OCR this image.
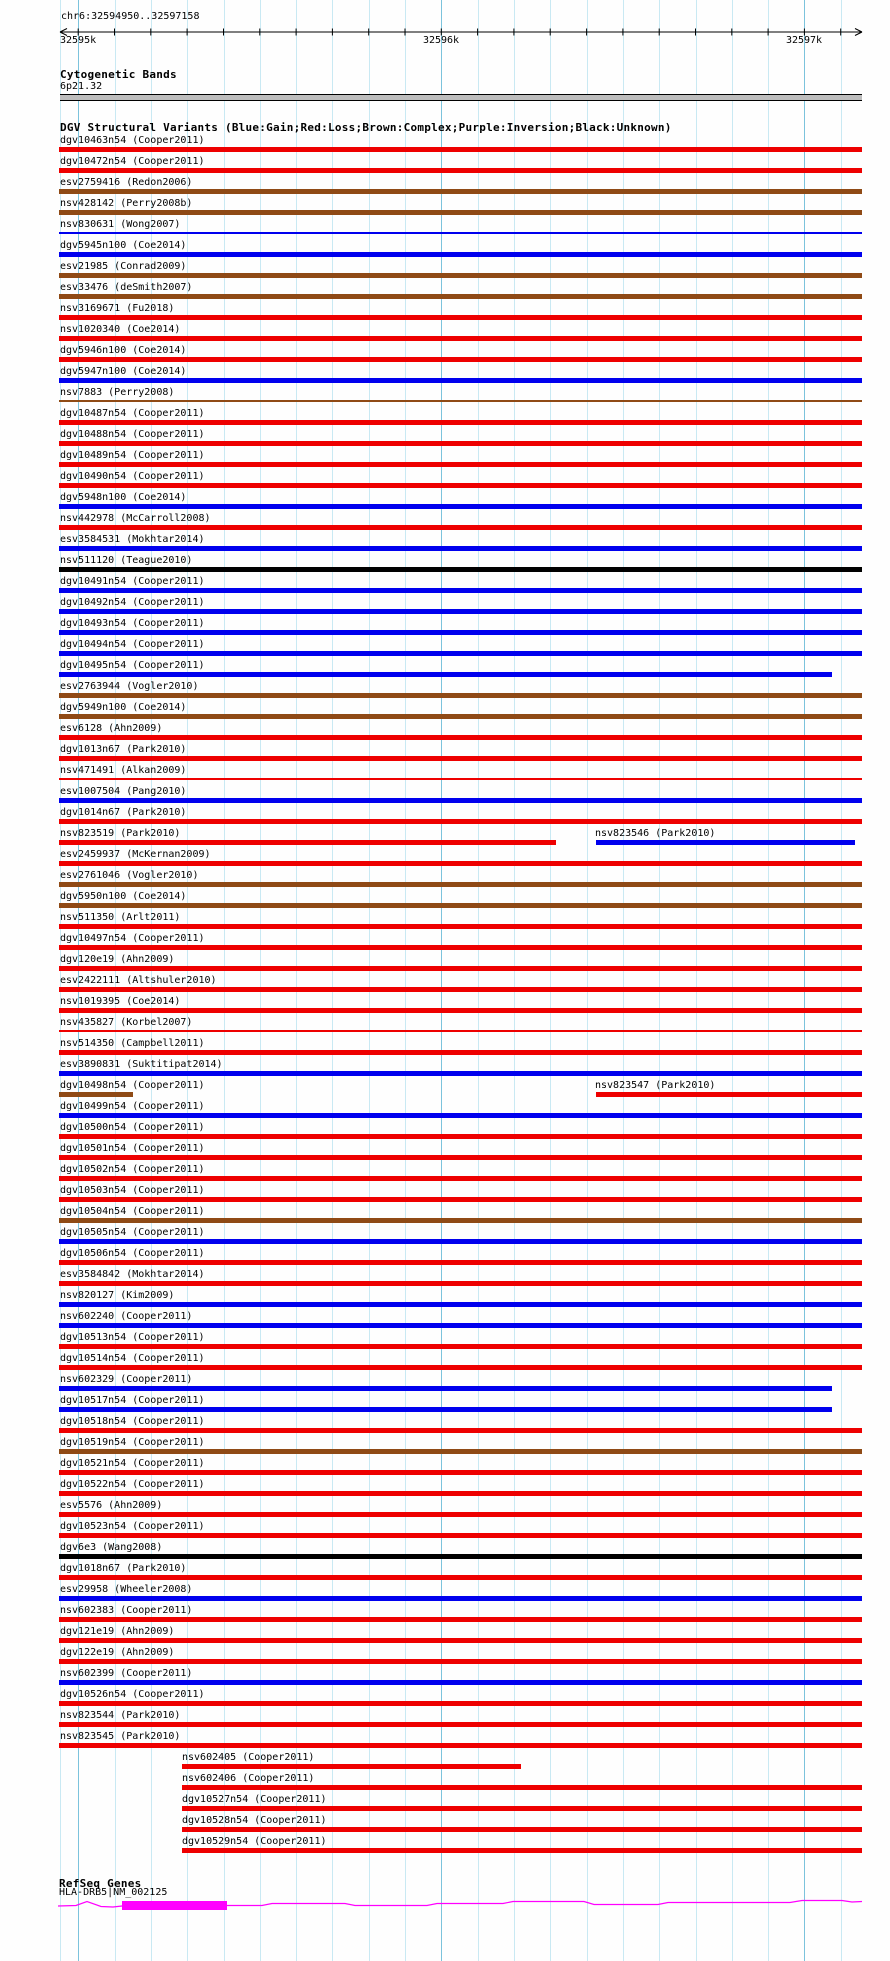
chr6:32594950..32597158
32595k	32596k	32597k
Cytogenetic Bands
6p21.32
DGV Structural Variants (Blue:Gain;Red:Loss;Brown:Complex;Purple:Inversion;Black:Unknown)
dgv10463n54 (Cooper2011)
dgv10472n54 (Cooper2011)
esv2759416 (Redon2006)
nsv428142 (Perry2008b)
nsv830631 (Wong2007)
dgv5945n100 (Coe2014)
esv21985 (Conrad2009)
esv33476 (deSmith2007)
nsv3169671 (Fu2018)
nsv1020340 (Coe2014)
dgv5946n100 (Coe2014)
dgv5947n100 (Coe2014)
nsv7883 (Perry2008)
dgv10487n54 (Cooper2011)
dgv10488n54 (Cooper2011)
dgv10489n54 (Cooper2011)
dgv10490n54 (Cooper2011)
dgv5948n100 (Coe2014)
nsv442978 (McCarroll2008)
esv3584531 (Mokhtar2014)
nsv511120 (Teague2010)
dgv10491n54 (Cooper2011)
dgv10492n54 (Cooper2011)
dgv10493n54 (Cooper2011)
dgv10494n54 (Cooper2011)
dgv10495n54 (Cooper2011)
esv2763944 (Vogler2010)
dgv5949n100 (Coe2014)
esv6128 (Ahn2009)
dgv1013n67 (Park2010)
nsv471491 (Alkan2009)
esv1007504 (Pang2010)
dgv1014n67 (Park2010)
nsv823519 (Park2010)	nsv823546 (Park2010)
esv2459937 (McKernan2009)
esv2761046 (Vogler2010)
dgv5950n100 (Coe2014)
nsv511350 (Arlt2011)
dgv10497n54 (Cooper2011)
dgv120e19 (Ahn2009)
esv2422111 (Altshuler2010)
nsv1019395 (Coe2014)
nsv435827 (Korbel2007)
nsv514350 (Campbell2011)
esv3890831 (Suktitipat2014)
dgv10498n54 (Cooper2011)	nsv823547 (Park2010)
dgv10499n54 (Cooper2011)
dgv10500n54 (Cooper2011)
dgv10501n54 (Cooper2011)
dgv10502n54 (Cooper2011)
dgv10503n54 (Cooper2011)
dgv10504n54 (Cooper2011)
dgv10505n54 (Cooper2011)
dgv10506n54 (Cooper2011)
esv3584842 (Mokhtar2014)
nsv820127 (Kim2009)
nsv602240 (Cooper2011)
dgv10513n54 (Cooper2011)
dgv10514n54 (Cooper2011)
nsv602329 (Cooper2011)
dgv10517n54 (Cooper2011)
dgv10518n54 (Cooper2011)
dgv10519n54 (Cooper2011)
dgv10521n54 (Cooper2011)
dgv10522n54 (Cooper2011)
esv5576 (Ahn2009)
dgv10523n54 (Cooper2011)
dgv6e3 (Wang2008)
dgv1018n67 (Park2010)
esv29958 (Wheeler2008)
nsv602383 (Cooper2011)
dgv121e19 (Ahn2009)
dgv122e19 (Ahn2009)
nsv602399 (Cooper2011)
dgv10526n54 (Cooper2011)
nsv823544 (Park2010)
nsv823545 (Park2010)
nsv602405 (Cooper2011)
nsv602406 (Cooper2011)
dgv10527n54 (Cooper2011)
dgv10528n54 (Cooper2011)
dgv10529n54 (Cooper2011)
RefSeq Genes
HLA-DRB5|NM_002125
